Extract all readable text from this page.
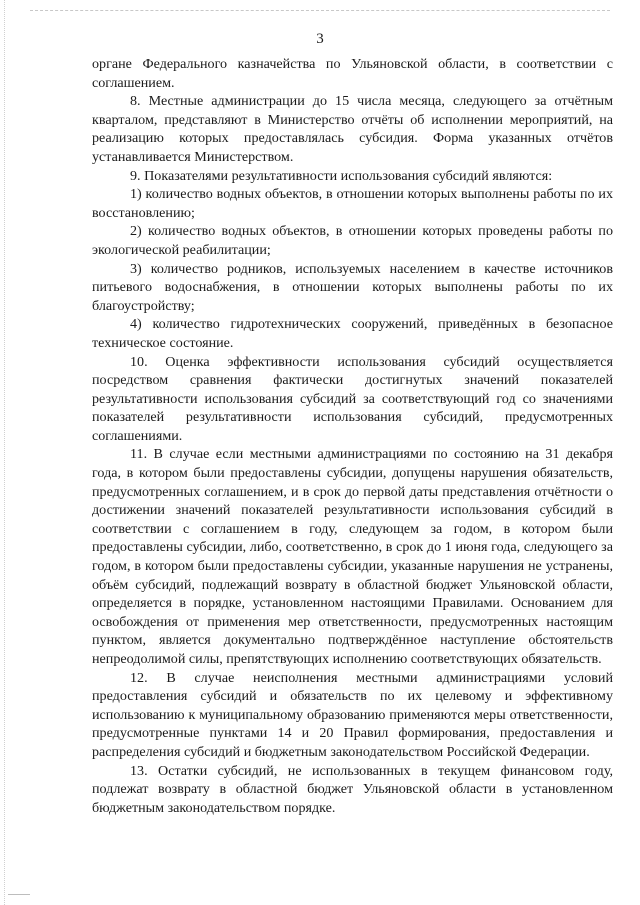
3

органе Федерального казначейства по Ульяновской области, в соответствии с соглашением.

8. Местные администрации до 15 числа месяца, следующего за отчётным кварталом, представляют в Министерство отчёты об исполнении мероприятий, на реализацию которых предоставлялась субсидия. Форма указанных отчётов устанавливается Министерством.

9. Показателями результативности использования субсидий являются:

1) количество водных объектов, в отношении которых выполнены работы по их восстановлению;

2) количество водных объектов, в отношении которых проведены работы по экологической реабилитации;

3) количество родников, используемых населением в качестве источников питьевого водоснабжения, в отношении которых выполнены работы по их благоустройству;

4) количество гидротехнических сооружений, приведённых в безопасное техническое состояние.

10. Оценка эффективности использования субсидий осуществляется посредством сравнения фактически достигнутых значений показателей результативности использования субсидий за соответствующий год со значениями показателей результативности использования субсидий, предусмотренных соглашениями.

11. В случае если местными администрациями по состоянию на 31 декабря года, в котором были предоставлены субсидии, допущены нарушения обязательств, предусмотренных соглашением, и в срок до первой даты представления отчётности о достижении значений показателей результативности использования субсидий в соответствии с соглашением в году, следующем за годом, в котором были предоставлены субсидии, либо, соответственно, в срок до 1 июня года, следующего за годом, в котором были предоставлены субсидии, указанные нарушения не устранены, объём субсидий, подлежащий возврату в областной бюджет Ульяновской области, определяется в порядке, установленном настоящими Правилами. Основанием для освобождения от применения мер ответственности, предусмотренных настоящим пунктом, является документально подтверждённое наступление обстоятельств непреодолимой силы, препятствующих исполнению соответствующих обязательств.

12. В случае неисполнения местными администрациями условий предоставления субсидий и обязательств по их целевому и эффективному использованию к муниципальному образованию применяются меры ответственности, предусмотренные пунктами 14 и 20 Правил формирования, предоставления и распределения субсидий и бюджетным законодательством Российской Федерации.

13. Остатки субсидий, не использованных в текущем финансовом году, подлежат возврату в областной бюджет Ульяновской области в установленном бюджетным законодательством порядке.
